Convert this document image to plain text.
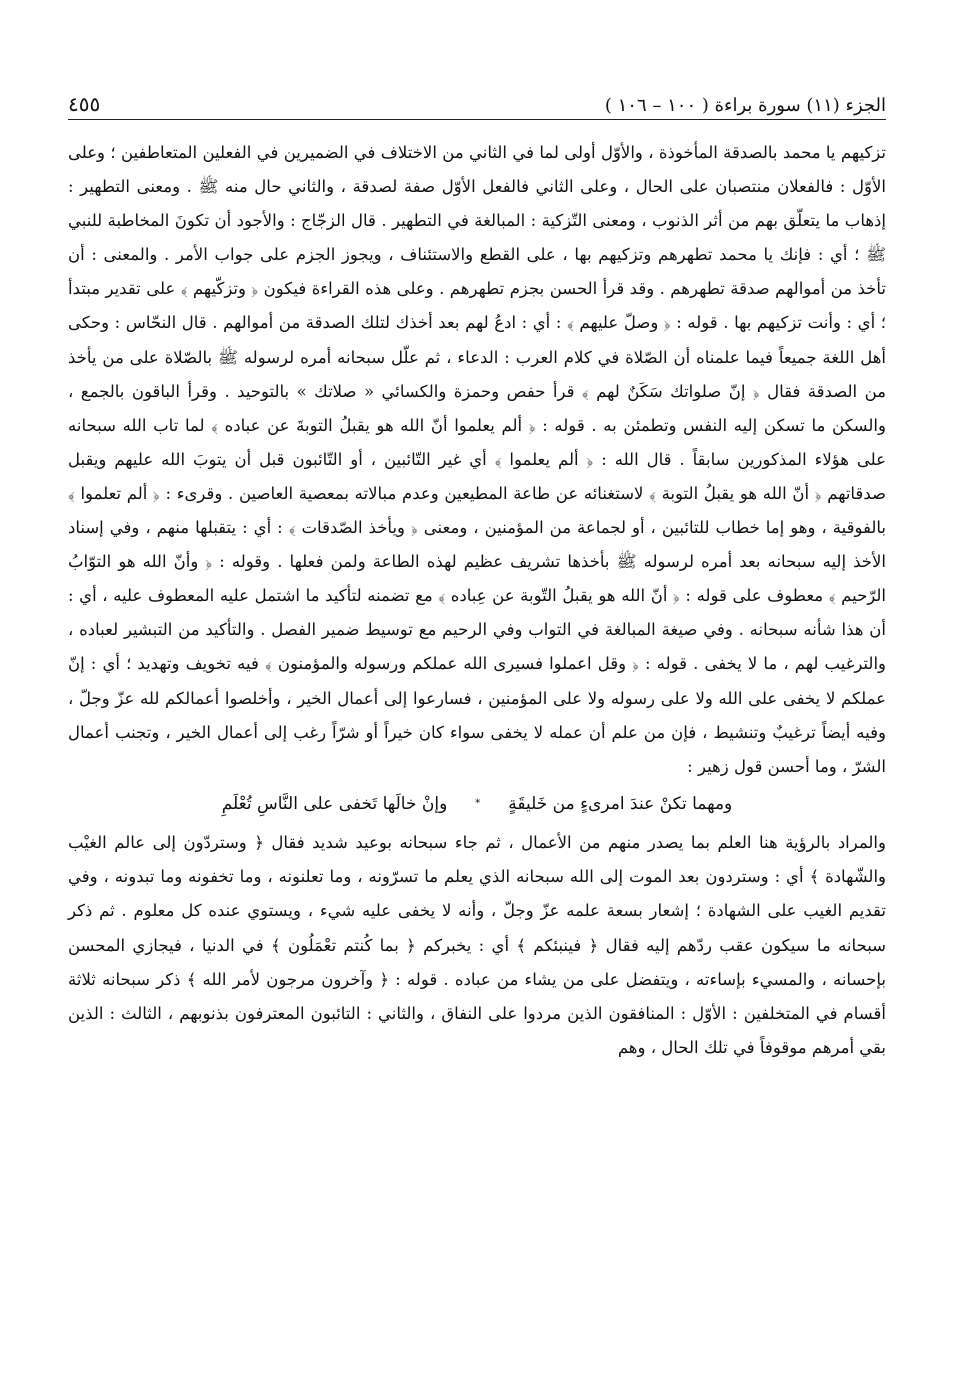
الجزء (١١) سورة براءة ( ١٠٠ – ١٠٦ )
٤٥٥

تزكيهم يا محمد بالصدقة المأخوذة ، والأوّل أولى لما في الثاني من الاختلاف في الضميرين في الفعلين المتعاطفين ؛ وعلى الأوّل : فالفعلان منتصبان على الحال ، وعلى الثاني فالفعل الأوّل صفة لصدقة ، والثاني حال منه ﷺ . ومعنى التطهير : إذهاب ما يتعلّق بهم من أثر الذنوب ، ومعنى التّزكية : المبالغة في التطهير . قال الزجّاج : والأجود أن تكونَ المخاطبة للنبي ﷺ ؛ أي : فإنك يا محمد تطهرهم وتزكيهم بها ، على القطع والاستئناف ، ويجوز الجزم على جواب الأمر . والمعنى : أن تأخذ من أموالهم صدقة تطهرهم . وقد قرأ الحسن بجزم تطهرهم . وعلى هذه القراءة فيكون ﴿ وتزكّيهم ﴾ على تقدير مبتدأ ؛ أي : وأنت تزكيهم بها . قوله : ﴿ وصلّ عليهم ﴾ : أي : ادعُ لهم بعد أخذك لتلك الصدقة من أموالهم . قال النحّاس : وحكى أهل اللغة جميعاً فيما علمناه أن الصّلاة في كلام العرب : الدعاء ، ثم علّل سبحانه أمره لرسوله ﷺ بالصّلاة على من يأخذ من الصدقة فقال ﴿ إنّ صلواتك سَكَنٌ لهم ﴾ قرأ حفص وحمزة والكسائي « صلاتك » بالتوحيد . وقرأ الباقون بالجمع ، والسكن ما تسكن إليه النفس وتطمئن به . قوله : ﴿ ألم يعلموا أنّ الله هو يقبلُ التوبةَ عن عباده ﴾ لما تاب الله سبحانه على هؤلاء المذكورين سابقاً . قال الله : ﴿ ألم يعلموا ﴾ أي غير التّائبين ، أو التّائبون قبل أن يتوبَ الله عليهم ويقبل صدقاتهم ﴿ أنّ الله هو يقبلُ التوبة ﴾ لاستغنائه عن طاعة المطيعين وعدم مبالاته بمعصية العاصين . وقرىء : ﴿ ألم تعلموا ﴾ بالفوقية ، وهو إما خطاب للتائبين ، أو لجماعة من المؤمنين ، ومعنى ﴿ ويأخذ الصّدقات ﴾ : أي : يتقبلها منهم ، وفي إسناد الأخذ إليه سبحانه بعد أمره لرسوله ﷺ بأخذها تشريف عظيم لهذه الطاعة ولمن فعلها . وقوله : ﴿ وأنّ الله هو التوّابُ الرّحيم ﴾ معطوف على قوله : ﴿ أنّ الله هو يقبلُ التّوبة عن عِباده ﴾ مع تضمنه لتأكيد ما اشتمل عليه المعطوف عليه ، أي : أن هذا شأنه سبحانه . وفي صيغة المبالغة في التواب وفي الرحيم مع توسيط ضمير الفصل . والتأكيد من التبشير لعباده ، والترغيب لهم ، ما لا يخفى . قوله : ﴿ وقل اعملوا فسيرى الله عملكم ورسوله والمؤمنون ﴾ فيه تخويف وتهديد ؛ أي : إنّ عملكم لا يخفى على الله ولا على رسوله ولا على المؤمنين ، فسارعوا إلى أعمال الخير ، وأخلصوا أعمالكم لله عزّ وجلّ ، وفيه أيضاً ترغيبٌ وتنشيط ، فإن من علم أن عمله لا يخفى سواء كان خيراً أو شرّاً رغب إلى أعمال الخير ، وتجنب أعمال الشرّ ، وما أحسن قول زهير :

ومهما تكنْ عندَ امرىءٍ من خَليقَةٍ*وإنْ خالَها تَخفى على النَّاسِ تُعْلَمِ

والمراد بالرؤية هنا العلم بما يصدر منهم من الأعمال ، ثم جاء سبحانه بوعيد شديد فقال ﴿ وستردّون إلى عالم الغيْب والشّهادة ﴾ أي : وستردون بعد الموت إلى الله سبحانه الذي يعلم ما تسرّونه ، وما تعلنونه ، وما تخفونه وما تبدونه ، وفي تقديم الغيب على الشهادة ؛ إشعار بسعة علمه عزّ وجلّ ، وأنه لا يخفى عليه شيء ، ويستوي عنده كل معلوم . ثم ذكر سبحانه ما سيكون عقب ردّهم إليه فقال ﴿ فينبئكم ﴾ أي : يخبركم ﴿ بما كُنتم تعْمَلُون ﴾ في الدنيا ، فيجازي المحسن بإحسانه ، والمسيء بإساءته ، ويتفضل على من يشاء من عباده . قوله : ﴿ وآخرون مرجون لأمر الله ﴾ ذكر سبحانه ثلاثة أقسام في المتخلفين : الأوّل : المنافقون الذين مردوا على النفاق ، والثاني : التائبون المعترفون بذنوبهم ، الثالث : الذين بقي أمرهم موقوفاً في تلك الحال ، وهم
